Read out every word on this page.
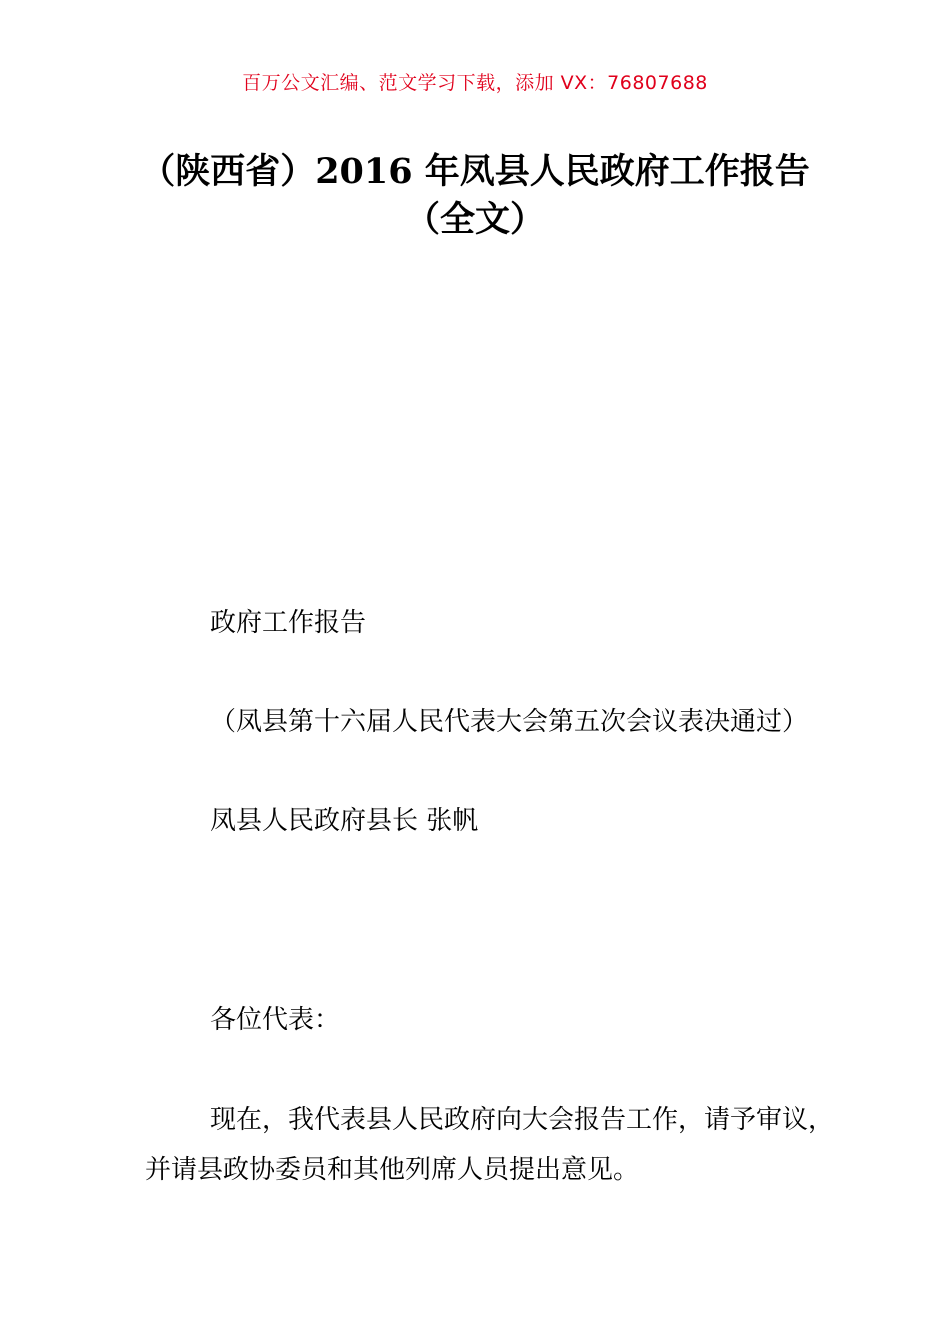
百万公文汇编、范文学习下载，添加 VX：76807688
（陕西省）2016 年凤县人民政府工作报告
（全文）
政府工作报告
（凤县第十六届人民代表大会第五次会议表决通过）
凤县人民政府县长 张帆
各位代表：

现在，我代表县人民政府向大会报告工作，请予审议，并请县政协委员和其他列席人员提出意见。
